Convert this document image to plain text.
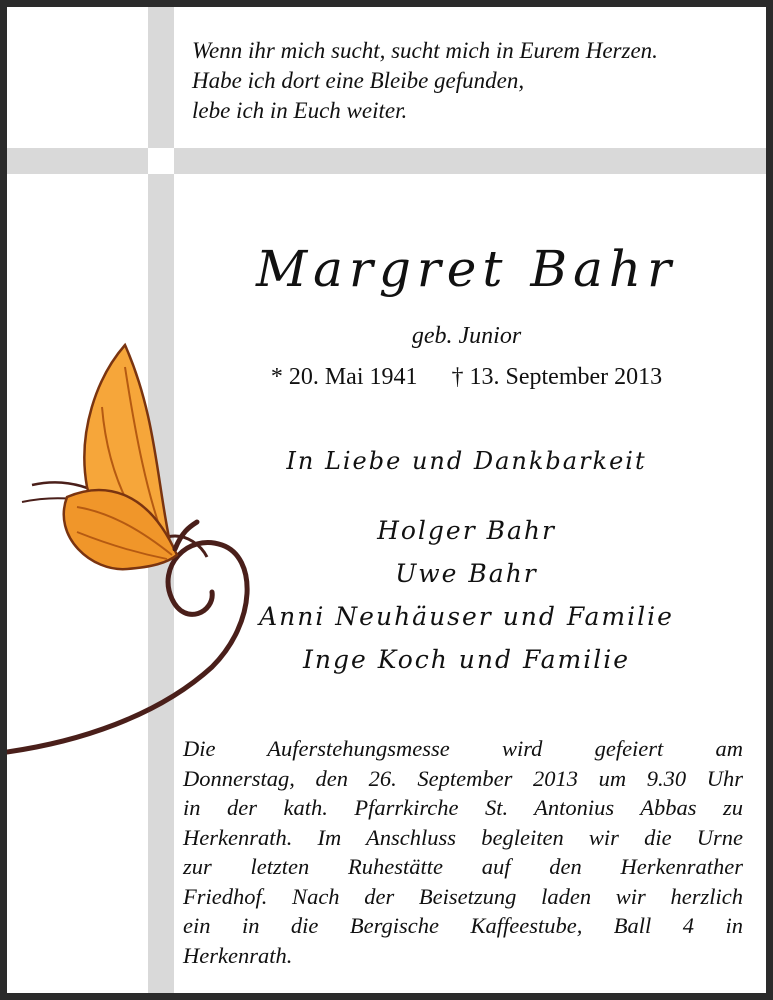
Wenn ihr mich sucht, sucht mich in Eurem Herzen.
Habe ich dort eine Bleibe gefunden,
lebe ich in Euch weiter.
Margret Bahr
geb. Junior
* 20. Mai 1941 † 13. September 2013
In Liebe und Dankbarkeit
Holger Bahr
Uwe Bahr
Anni Neuhäuser und Familie
Inge Koch und Familie
Die Auferstehungsmesse wird gefeiert am
Donnerstag, den 26. September 2013 um 9.30 Uhr
in der kath. Pfarrkirche St. Antonius Abbas zu
Herkenrath. Im Anschluss begleiten wir die Urne
zur letzten Ruhestätte auf den Herkenrather
Friedhof. Nach der Beisetzung laden wir herzlich
ein in die Bergische Kaffeestube, Ball 4 in
Herkenrath.
